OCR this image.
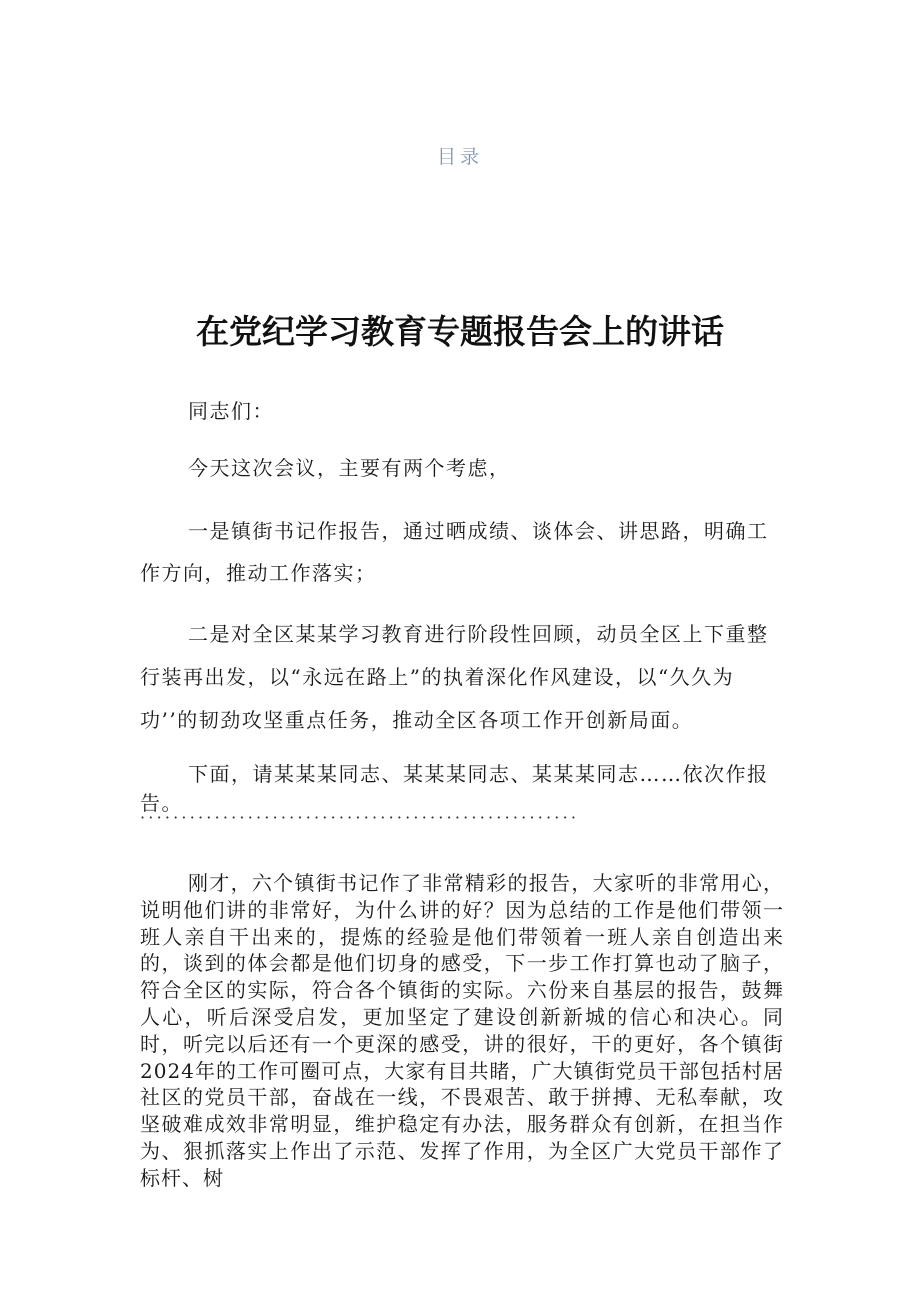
目录
在党纪学习教育专题报告会上的讲话

同志们：

今天这次会议，主要有两个考虑，

一是镇街书记作报告，通过晒成绩、谈体会、讲思路，明确工作方向，推动工作落实；

二是对全区某某学习教育进行阶段性回顾，动员全区上下重整行装再出发，以“永远在路上”的执着深化作风建设，以“久久为功’’的韧劲攻坚重点任务，推动全区各项工作开创新局面。

下面，请某某某同志、某某某同志、某某某同志……依次作报告。

·····················································

刚才，六个镇街书记作了非常精彩的报告，大家听的非常用心，说明他们讲的非常好，为什么讲的好？因为总结的工作是他们带领一班人亲自干出来的，提炼的经验是他们带领着一班人亲自创造出来的，谈到的体会都是他们切身的感受，下一步工作打算也动了脑子，符合全区的实际，符合各个镇街的实际。六份来自基层的报告，鼓舞人心，听后深受启发，更加坚定了建设创新新城的信心和决心。同时，听完以后还有一个更深的感受，讲的很好，干的更好，各个镇街2024年的工作可圈可点，大家有目共睹，广大镇街党员干部包括村居社区的党员干部，奋战在一线，不畏艰苦、敢于拼搏、无私奉献，攻坚破难成效非常明显，维护稳定有办法，服务群众有创新，在担当作为、狠抓落实上作出了示范、发挥了作用，为全区广大党员干部作了标杆、树
